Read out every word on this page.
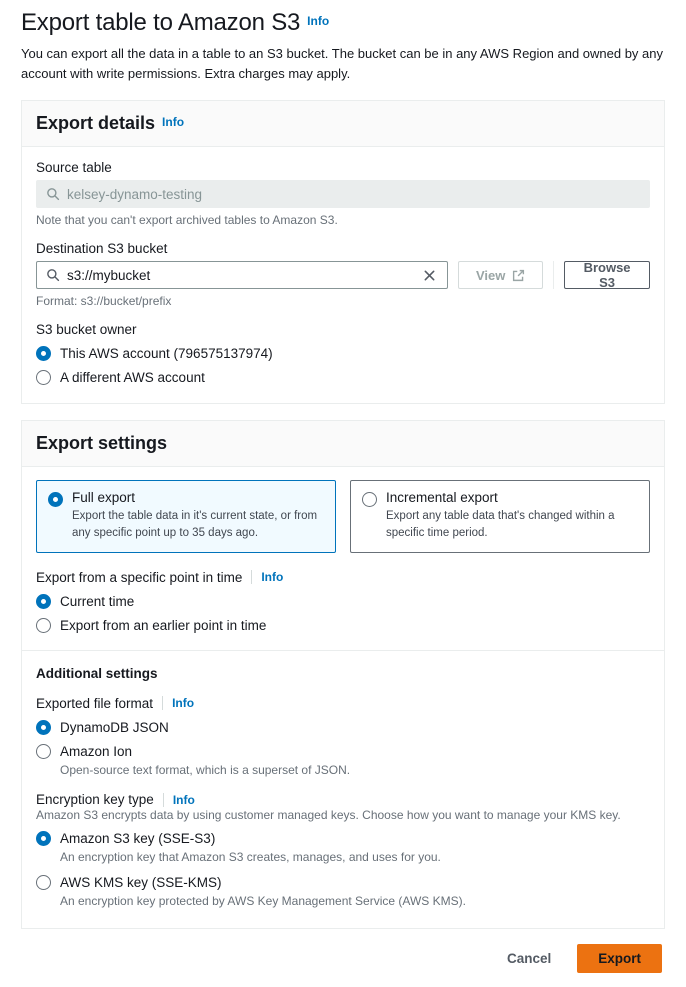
Export table to Amazon S3 Info
You can export all the data in a table to an S3 bucket. The bucket can be in any AWS Region and owned by any account with write permissions. Extra charges may apply.
Export details Info
Source table
kelsey-dynamo-testing
Note that you can't export archived tables to Amazon S3.
Destination S3 bucket
s3://mybucket	View	Browse S3
Format: s3://bucket/prefix
S3 bucket owner
This AWS account (796575137974)
A different AWS account
Export settings
Full export
Export the table data in it's current state, or from any specific point up to 35 days ago.
Incremental export
Export any table data that's changed within a specific time period.
Export from a specific point in time Info
Current time
Export from an earlier point in time
Additional settings
Exported file format Info
DynamoDB JSON
Amazon Ion
Open-source text format, which is a superset of JSON.
Encryption key type Info
Amazon S3 encrypts data by using customer managed keys. Choose how you want to manage your KMS key.
Amazon S3 key (SSE-S3)
An encryption key that Amazon S3 creates, manages, and uses for you.
AWS KMS key (SSE-KMS)
An encryption key protected by AWS Key Management Service (AWS KMS).
Cancel	Export
